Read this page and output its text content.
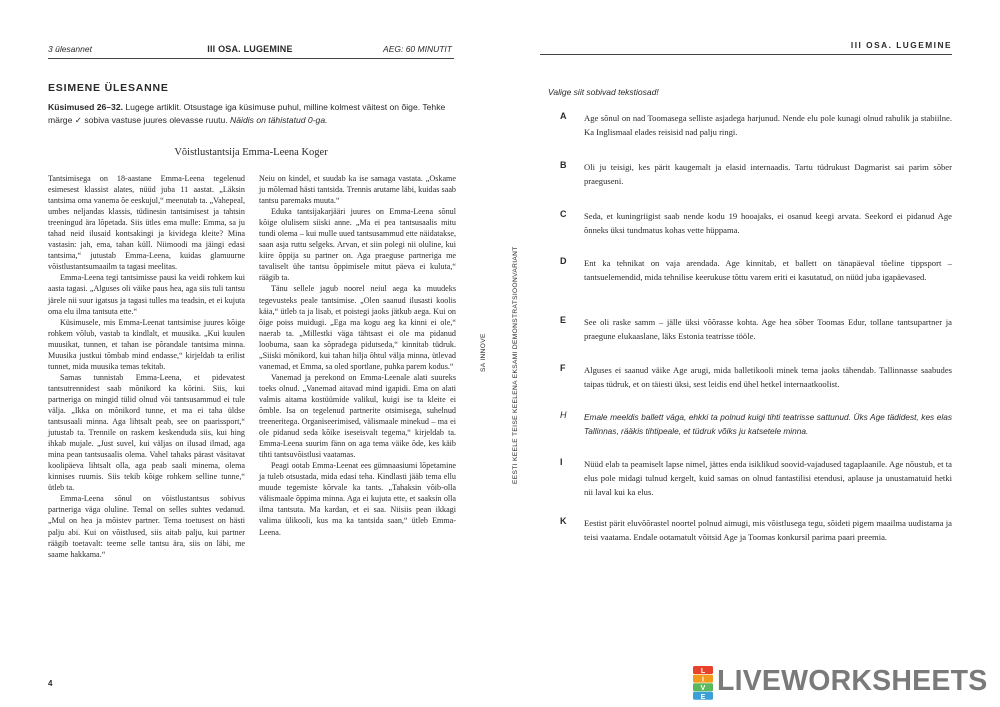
3 ülesannet	III OSA. LUGEMINE	AEG: 60 MINUTIT
ESIMENE ÜLESANNE
Küsimused 26–32. Lugege artiklit. Otsustage iga küsimuse puhul, milline kolmest väitest on õige. Tehke märge ✓ sobiva vastuse juures olevasse ruutu. Näidis on tähistatud 0-ga.
Võistlustantsija Emma-Leena Koger

Tantsimisega on 18-aastane Emma-Leena tegelenud esimesest klassist alates, nüüd juba 11 aastat. „Läksin tantsima oma vanema õe eeskujul,“ meenutab ta. „Vahepeal, umbes neljandas klassis, tüdinesin tantsimisest ja tahtsin treeningud ära lõpetada. Siis ütles ema mulle: Emma, sa ju tahad neid ilusaid kontsakingi ja kividega kleite? Mina vastasin: jah, ema, tahan küll. Niimoodi ma jäingi edasi tantsima,“ jutustab Emma-Leena, kuidas glamuurne võistlustantsumaailm ta tagasi meelitas.

Emma-Leena tegi tantsimisse pausi ka veidi rohkem kui aasta tagasi. „Alguses oli väike paus hea, aga siis tuli tantsu järele nii suur igatsus ja tagasi tulles ma teadsin, et ei kujuta oma elu ilma tantsuta ette.“

Küsimusele, mis Emma-Leenat tantsimise juures kõige rohkem võlub, vastab ta kindlalt, et muusika. „Kui kuulen muusikat, tunnen, et tahan ise põrandale tantsima minna. Muusika justkui tõmbab mind endasse,“ kirjeldab ta erilist tunnet, mida muusika temas tekitab.

Samas tunnistab Emma-Leena, et pidevatest tantsutrennidest saab mõnikord ka kõrini. Siis, kui partneriga on mingid tülid olnud või tantsusammud ei tule välja. „Ikka on mõnikord tunne, et ma ei taha üldse tantsusaali minna. Aga lihtsalt peab, see on paarissport,“ jutustab ta. Trennile on raskem keskenduda siis, kui hing ihkab mujale. „Just suvel, kui väljas on ilusad ilmad, aga mina pean tantsusaalis olema. Vahel tahaks pärast väsitavat koolipäeva lihtsalt olla, aga peab saali minema, olema kinnises ruumis. Siis tekib kõige rohkem selline tunne,“ ütleb ta.

Emma-Leena sõnul on võistlustantsus sobivus partneriga väga oluline. Temal on selles suhtes vedanud. „Mul on hea ja mõistev partner. Tema toetusest on hästi palju abi. Kui on võistlused, siis aitab palju, kui partner räägib toetavalt: teeme selle tantsu ära, siis on läbi, me saame hakkama.“

Neiu on kindel, et suudab ka ise samaga vastata. „Oskame ju mõlemad hästi tantsida. Trennis arutame läbi, kuidas saab tantsu paremaks muuta.“

Eduka tantsijakarjääri juures on Emma-Leena sõnul kõige olulisem siiski anne. „Ma ei pea tantsusaalis mitu tundi olema – kui mulle uued tantsusammud ette näidatakse, saan asja ruttu selgeks. Arvan, et siin polegi nii oluline, kui kiire õppija su partner on. Aga praeguse partneriga me tavaliselt ühe tantsu õppimisele mitut päeva ei kuluta,“ räägib ta.

Tänu sellele jagub noorel neiul aega ka muudeks tegevusteks peale tantsimise. „Olen saanud ilusasti koolis käia,“ ütleb ta ja lisab, et poistegi jaoks jätkub aega. Kui on õige poiss muidugi. „Ega ma kogu aeg ka kinni ei ole,“ naerab ta. „Millestki väga tähtsast ei ole ma pidanud loobuma, saan ka sõpradega pidutseda,“ kinnitab tüdruk. „Siiski mõnikord, kui tahan hilja õhtul välja minna, ütlevad vanemad, et Emma, sa oled sportlane, puhka parem kodus.“

Vanemad ja perekond on Emma-Leenale alati suureks toeks olnud. „Vanemad aitavad mind igapidi. Ema on alati valmis aitama kostüümide valikul, kuigi ise ta kleite ei õmble. Isa on tegelenud partnerite otsimisega, suhelnud treeneritega. Organiseerimised, välismaale minekud – ma ei ole pidanud seda kõike iseseisvalt tegema,“ kirjeldab ta. Emma-Leena suurim fänn on aga tema väike õde, kes käib tihti tantsuvõistlusi vaatamas.

Peagi ootab Emma-Leenat ees gümnaasiumi lõpetamine ja tuleb otsustada, mida edasi teha. Kindlasti jääb tema ellu muude tegemiste kõrvale ka tants. „Tahaksin võib-olla välismaale õppima minna. Aga ei kujuta ette, et saaksin olla ilma tantsuta. Ma kardan, et ei saa. Niisiis pean ikkagi valima ülikooli, kus ma ka tantsida saan,“ ütleb Emma-Leena.

4
SA INNOVE	EESTI KEELE TEISE KEELENA EKSAMI DEMONSTRATSIOONVARIANT
III OSA. LUGEMINE
Valige siit sobivad tekstiosad!
A Age sõnul on nad Toomasega selliste asjadega harjunud. Nende elu pole kunagi olnud rahulik ja stabiilne. Ka Inglismaal elades reisisid nad palju ringi.
B Oli ju teisigi, kes pärit kaugemalt ja elasid internaadis. Tartu tüdrukust Dagmarist sai parim sõber praeguseni.
C Seda, et kuningriigist saab nende kodu 19 hooajaks, ei osanud keegi arvata. Seekord ei pidanud Age õnneks üksi tundmatus kohas vette hüppama.
D Ent ka tehnikat on vaja arendada. Age kinnitab, et ballett on tänapäeval tõeline tippsport – tantsuelemendid, mida tehnilise keerukuse tõttu varem eriti ei kasutatud, on nüüd juba igapäevased.
E See oli raske samm – jälle üksi võõrasse kohta. Age hea sõber Toomas Edur, tollane tantsupartner ja praegune elukaaslane, läks Estonia teatrisse tööle.
F Alguses ei saanud väike Age arugi, mida balletikooli minek tema jaoks tähendab. Tallinnasse saabudes taipas tüdruk, et on täiesti üksi, sest leidis end ühel hetkel internaatkoolist.
H Emale meeldis ballett väga, ehkki ta polnud kuigi tihti teatrisse sattunud. Üks Age tädidest, kes elas Tallinnas, rääkis tihtipeale, et tüdruk võiks ju katsetele minna.
I Nüüd elab ta peamiselt lapse nimel, jättes enda isiklikud soovid-vajadused tagaplaanile. Age nõustub, et ta elus pole midagi tulnud kergelt, kuid samas on olnud fantastilisi etendusi, aplause ja unustamatuid hetki nii laval kui ka elus.
K Eestist pärit eluvõõrastel noortel polnud aimugi, mis võistlusega tegu, sõideti pigem maailma uudistama ja teisi vaatama. Endale ootamatult võitsid Age ja Toomas konkursil parima paari preemia.
L
I
V
E
LIVEWORKSHEETS
